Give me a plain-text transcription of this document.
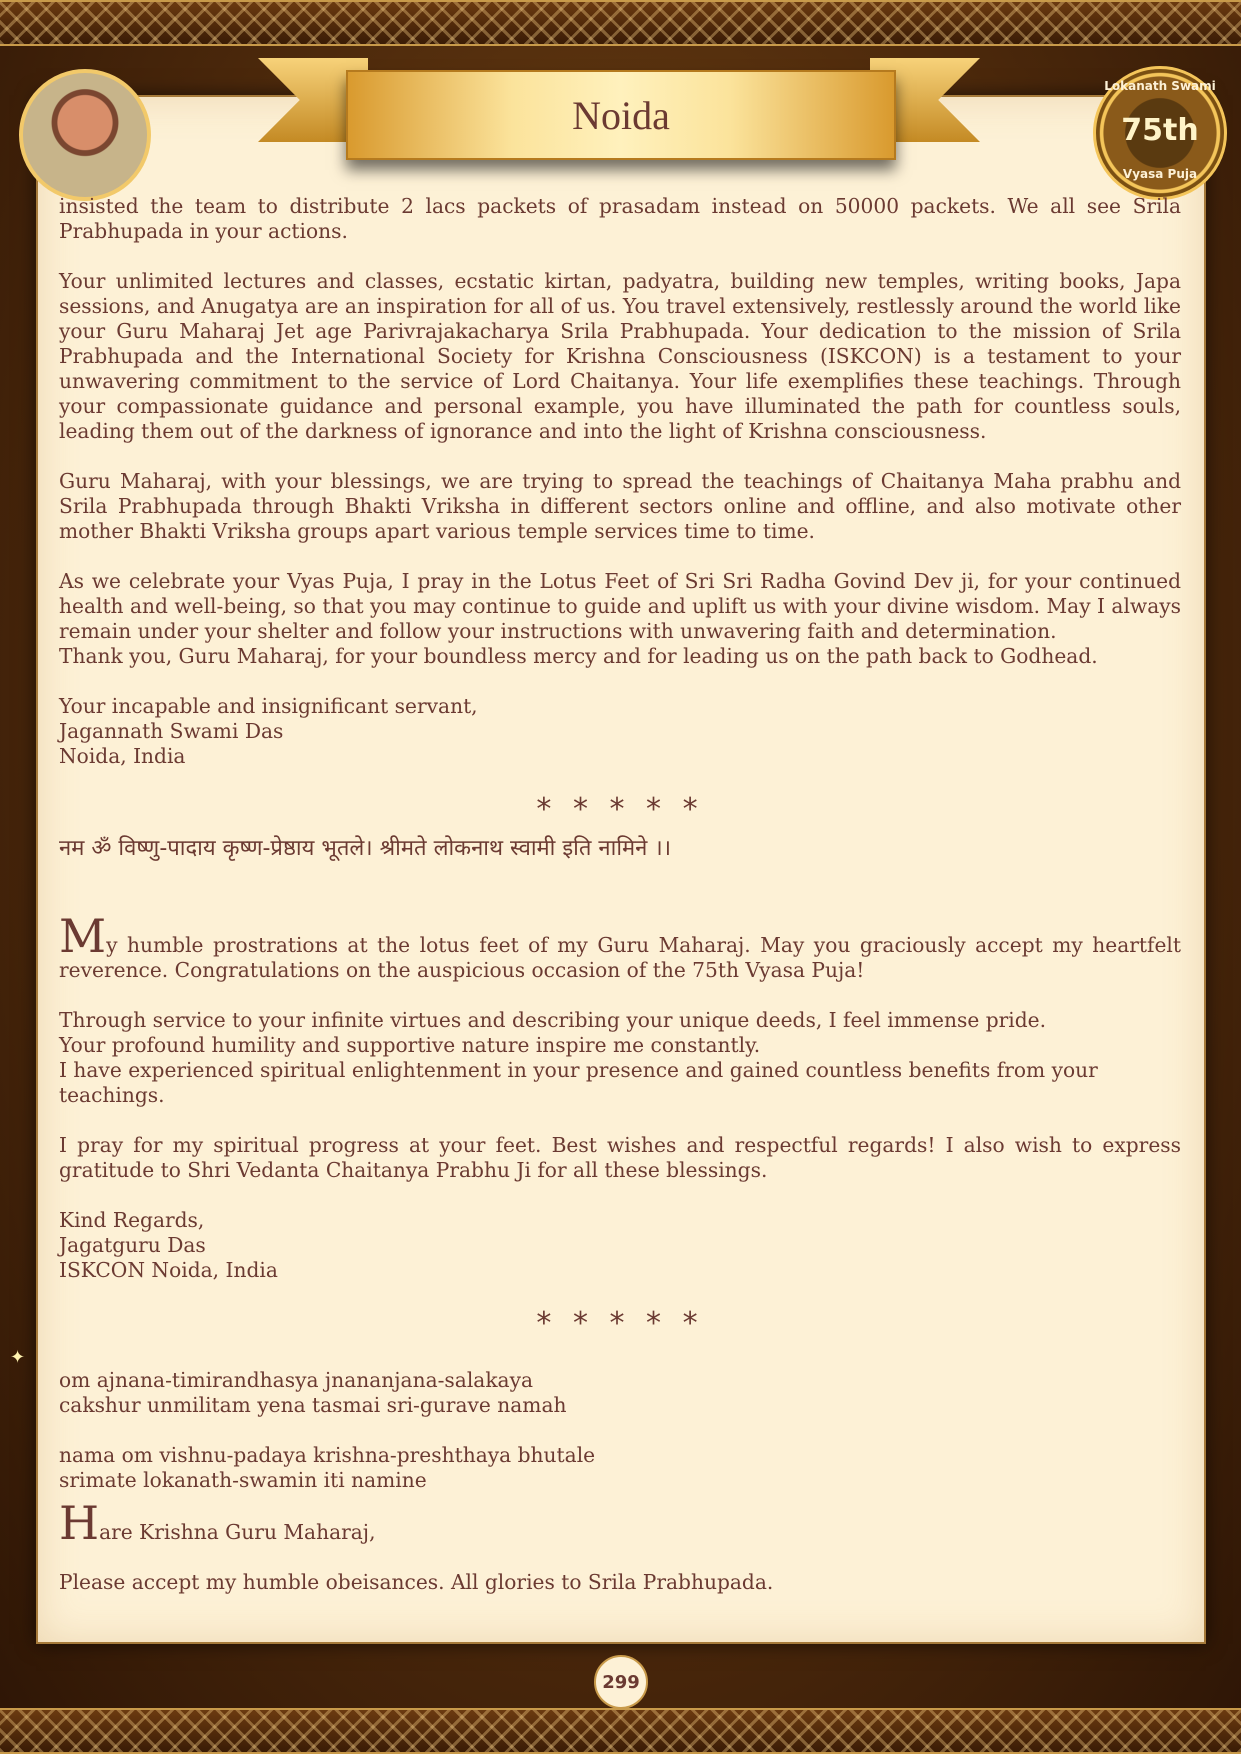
Noida
Lokanath Swami
75th
Vyasa Puja

insisted the team to distribute 2 lacs packets of prasadam instead on 50000 packets. We all see Srila Prabhupada in your actions.

Your unlimited lectures and classes, ecstatic kirtan, padyatra, building new temples, writing books, Japa sessions, and Anugatya are an inspiration for all of us. You travel extensively, restlessly around the world like your Guru Maharaj Jet age Parivrajakacharya Srila Prabhupada. Your dedication to the mission of Srila Prabhupada and the International Society for Krishna Consciousness (ISKCON) is a testament to your unwavering commitment to the service of Lord Chaitanya. Your life exemplifies these teachings. Through your compassionate guidance and personal example, you have illuminated the path for countless souls, leading them out of the darkness of ignorance and into the light of Krishna consciousness.

Guru Maharaj, with your blessings, we are trying to spread the teachings of Chaitanya Maha prabhu and Srila Prabhupada through Bhakti Vriksha in different sectors online and offline, and also motivate other mother Bhakti Vriksha groups apart various temple services time to time.

As we celebrate your Vyas Puja, I pray in the Lotus Feet of Sri Sri Radha Govind Dev ji, for your continued health and well-being, so that you may continue to guide and uplift us with your divine wisdom. May I always remain under your shelter and follow your instructions with unwavering faith and determination.

Thank you, Guru Maharaj, for your boundless mercy and for leading us on the path back to Godhead.

Your incapable and insignificant servant,
Jagannath Swami Das
Noida, India

* * * * *
नम ॐ विष्णु-पादाय कृष्ण-प्रेष्ठाय भूतले। श्रीमते लोकनाथ स्वामी इति नामिने ।।

My humble prostrations at the lotus feet of my Guru Maharaj. May you graciously accept my heartfelt reverence. Congratulations on the auspicious occasion of the 75th Vyasa Puja!

Through service to your infinite virtues and describing your unique deeds, I feel immense pride.
Your profound humility and supportive nature inspire me constantly.
I have experienced spiritual enlightenment in your presence and gained countless benefits from your teachings.

I pray for my spiritual progress at your feet. Best wishes and respectful regards! I also wish to express gratitude to Shri Vedanta Chaitanya Prabhu Ji for all these blessings.

Kind Regards,
Jagatguru Das
ISKCON Noida, India

* * * * *

om ajnana-timirandhasya jnananjana-salakaya
cakshur unmilitam yena tasmai sri-gurave namah

nama om vishnu-padaya krishna-preshthaya bhutale
srimate lokanath-swamin iti namine

Hare Krishna Guru Maharaj,

Please accept my humble obeisances. All glories to Srila Prabhupada.

✦
299
